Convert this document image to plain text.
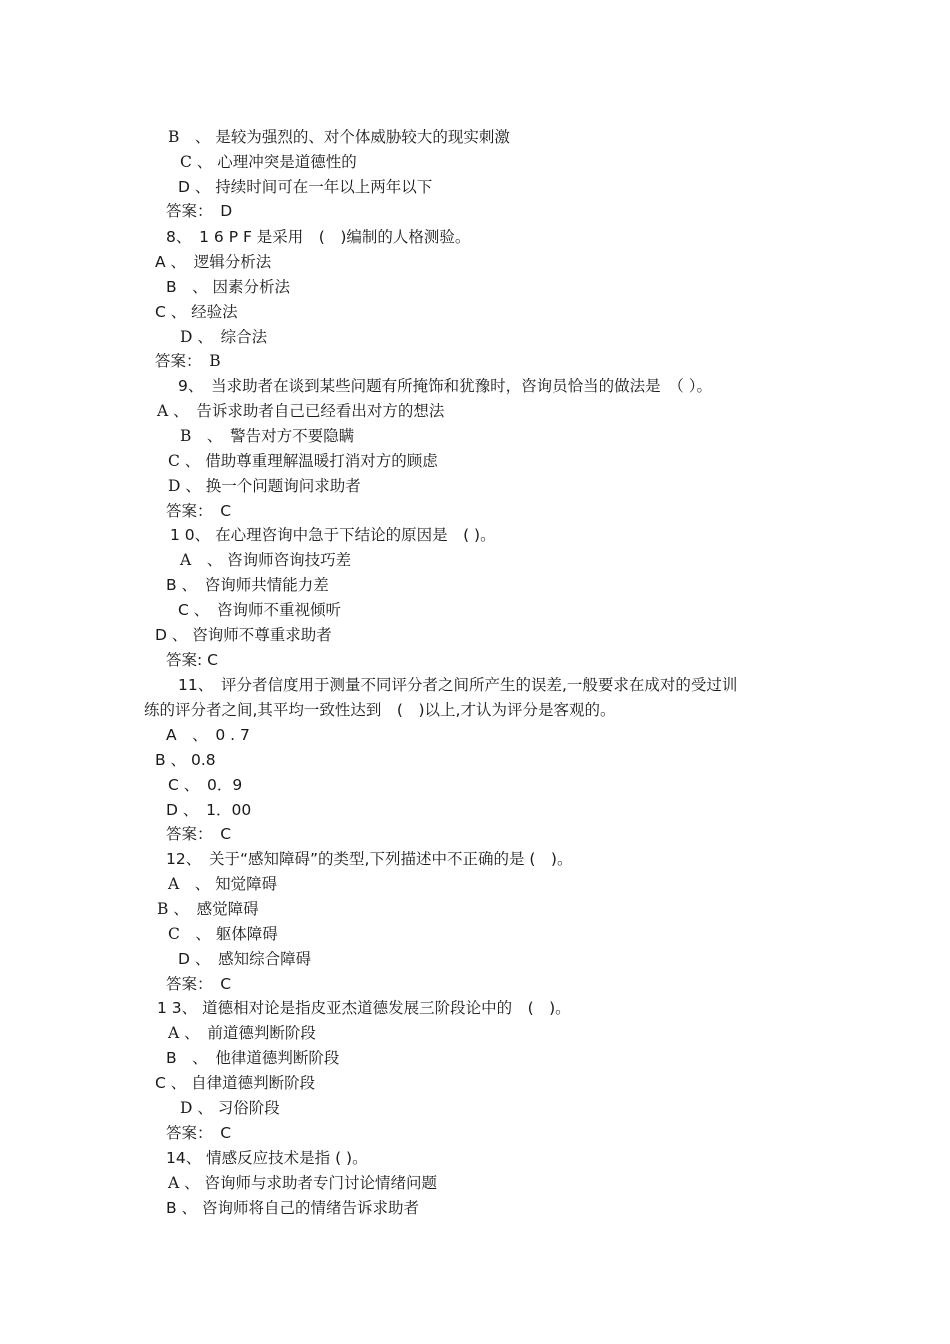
B　、 是较为强烈的、对个体威胁较大的现实刺激
C 、 心理冲突是道德性的
D 、 持续时间可在一年以上两年以下
答案：　D
8、　1 6 P F 是采用　(　)编制的人格测验。
A 、　逻辑分析法
B　、 因素分析法
C 、 经验法
D 、　综合法
答案：　B
9、　当求助者在谈到某些问题有所掩饰和犹豫时，咨询员恰当的做法是　（ ）。
A 、　告诉求助者自己已经看出对方的想法
B　、　警告对方不要隐瞒
C 、 借助尊重理解温暖打消对方的顾虑
D 、 换一个问题询问求助者
答案：　C
1 0、 在心理咨询中急于下结论的原因是　( )。
A　、 咨询师咨询技巧差
B 、　咨询师共情能力差
C 、　咨询师不重视倾听
D 、 咨询师不尊重求助者
答案: C
11、　评分者信度用于测量不同评分者之间所产生的误差,一般要求在成对的受过训
练的评分者之间,其平均一致性达到　(　)以上,才认为评分是客观的。
A　、　0 . 7
B 、 0.8
C 、　0．9
D 、　1．00
答案：　C
12、　关于“感知障碍”的类型,下列描述中不正确的是 (　)。
A　、 知觉障碍
B 、　感觉障碍
C　、 躯体障碍
D 、　感知综合障碍
答案：　C
1 3、 道德相对论是指皮亚杰道德发展三阶段论中的　(　)。
A 、　前道德判断阶段
B　、　他律道德判断阶段
C 、 自律道德判断阶段
D 、 习俗阶段
答案：　C
14、 情感反应技术是指 ( )。
A 、 咨询师与求助者专门讨论情绪问题
B 、 咨询师将自己的情绪告诉求助者
